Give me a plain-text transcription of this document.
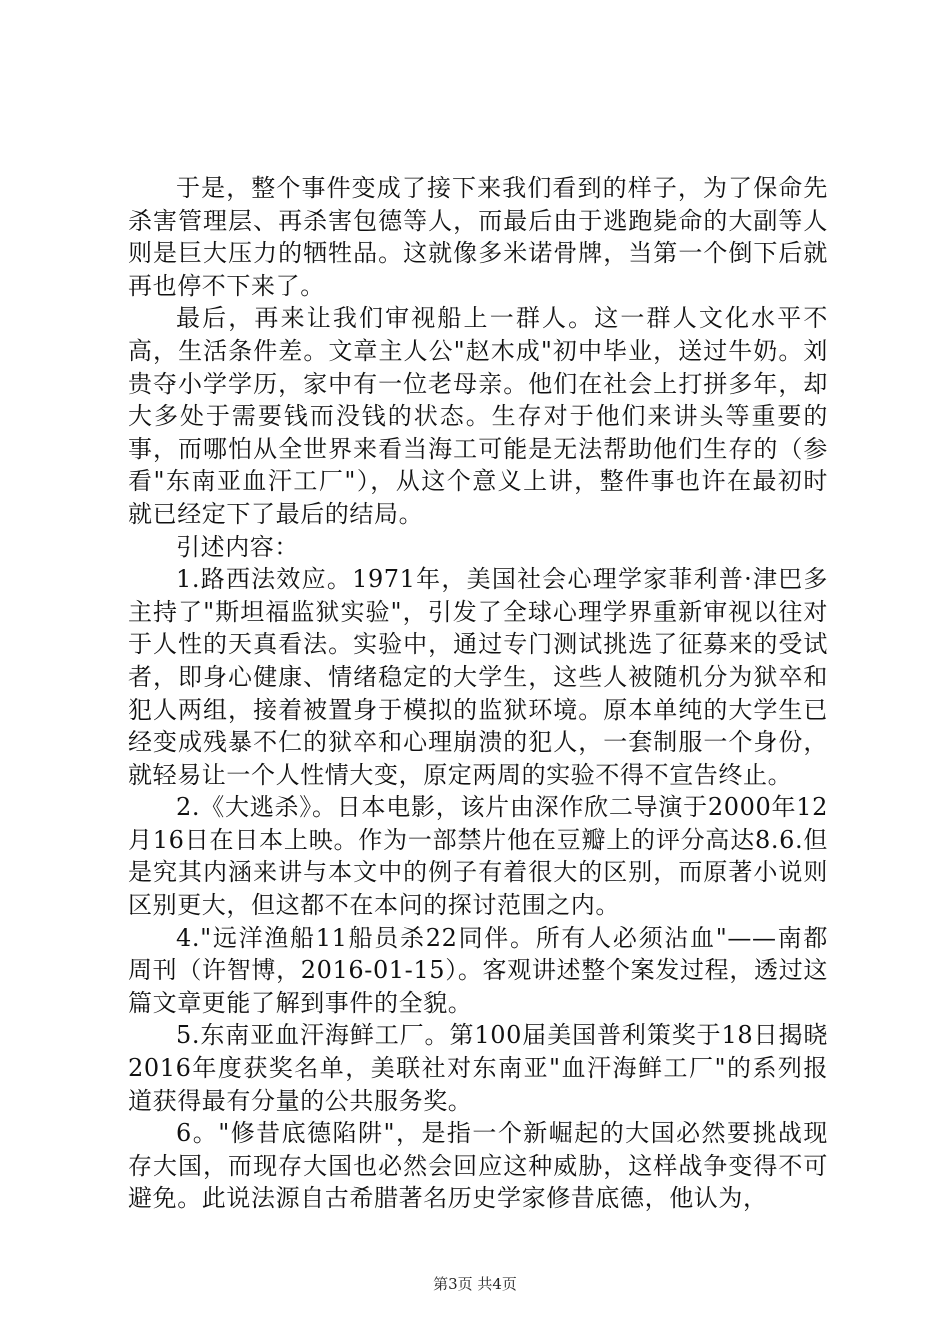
于是，整个事件变成了接下来我们看到的样子，为了保命先杀害管理层、再杀害包德等人，而最后由于逃跑毙命的大副等人则是巨大压力的牺牲品。这就像多米诺骨牌，当第一个倒下后就再也停不下来了。

最后，再来让我们审视船上一群人。这一群人文化水平不高，生活条件差。文章主人公"赵木成"初中毕业，送过牛奶。刘贵夺小学学历，家中有一位老母亲。他们在社会上打拼多年，却大多处于需要钱而没钱的状态。生存对于他们来讲头等重要的事，而哪怕从全世界来看当海工可能是无法帮助他们生存的（参看"东南亚血汗工厂"），从这个意义上讲，整件事也许在最初时就已经定下了最后的结局。

引述内容：

1.路西法效应。1971年，美国社会心理学家菲利普·津巴多主持了"斯坦福监狱实验"，引发了全球心理学界重新审视以往对于人性的天真看法。实验中，通过专门测试挑选了征募来的受试者，即身心健康、情绪稳定的大学生，这些人被随机分为狱卒和犯人两组，接着被置身于模拟的监狱环境。原本单纯的大学生已经变成残暴不仁的狱卒和心理崩溃的犯人，一套制服一个身份，就轻易让一个人性情大变，原定两周的实验不得不宣告终止。

2.《大逃杀》。日本电影，该片由深作欣二导演于2000年12月16日在日本上映。作为一部禁片他在豆瓣上的评分高达8.6.但是究其内涵来讲与本文中的例子有着很大的区别，而原著小说则区别更大，但这都不在本问的探讨范围之内。

4."远洋渔船11船员杀22同伴。所有人必须沾血"——南都周刊（许智博，2016-01-15）。客观讲述整个案发过程，透过这篇文章更能了解到事件的全貌。

5.东南亚血汗海鲜工厂。第100届美国普利策奖于18日揭晓2016年度获奖名单，美联社对东南亚"血汗海鲜工厂"的系列报道获得最有分量的公共服务奖。

6。"修昔底德陷阱"，是指一个新崛起的大国必然要挑战现存大国，而现存大国也必然会回应这种威胁，这样战争变得不可避免。此说法源自古希腊著名历史学家修昔底德，他认为，

第3页 共4页
